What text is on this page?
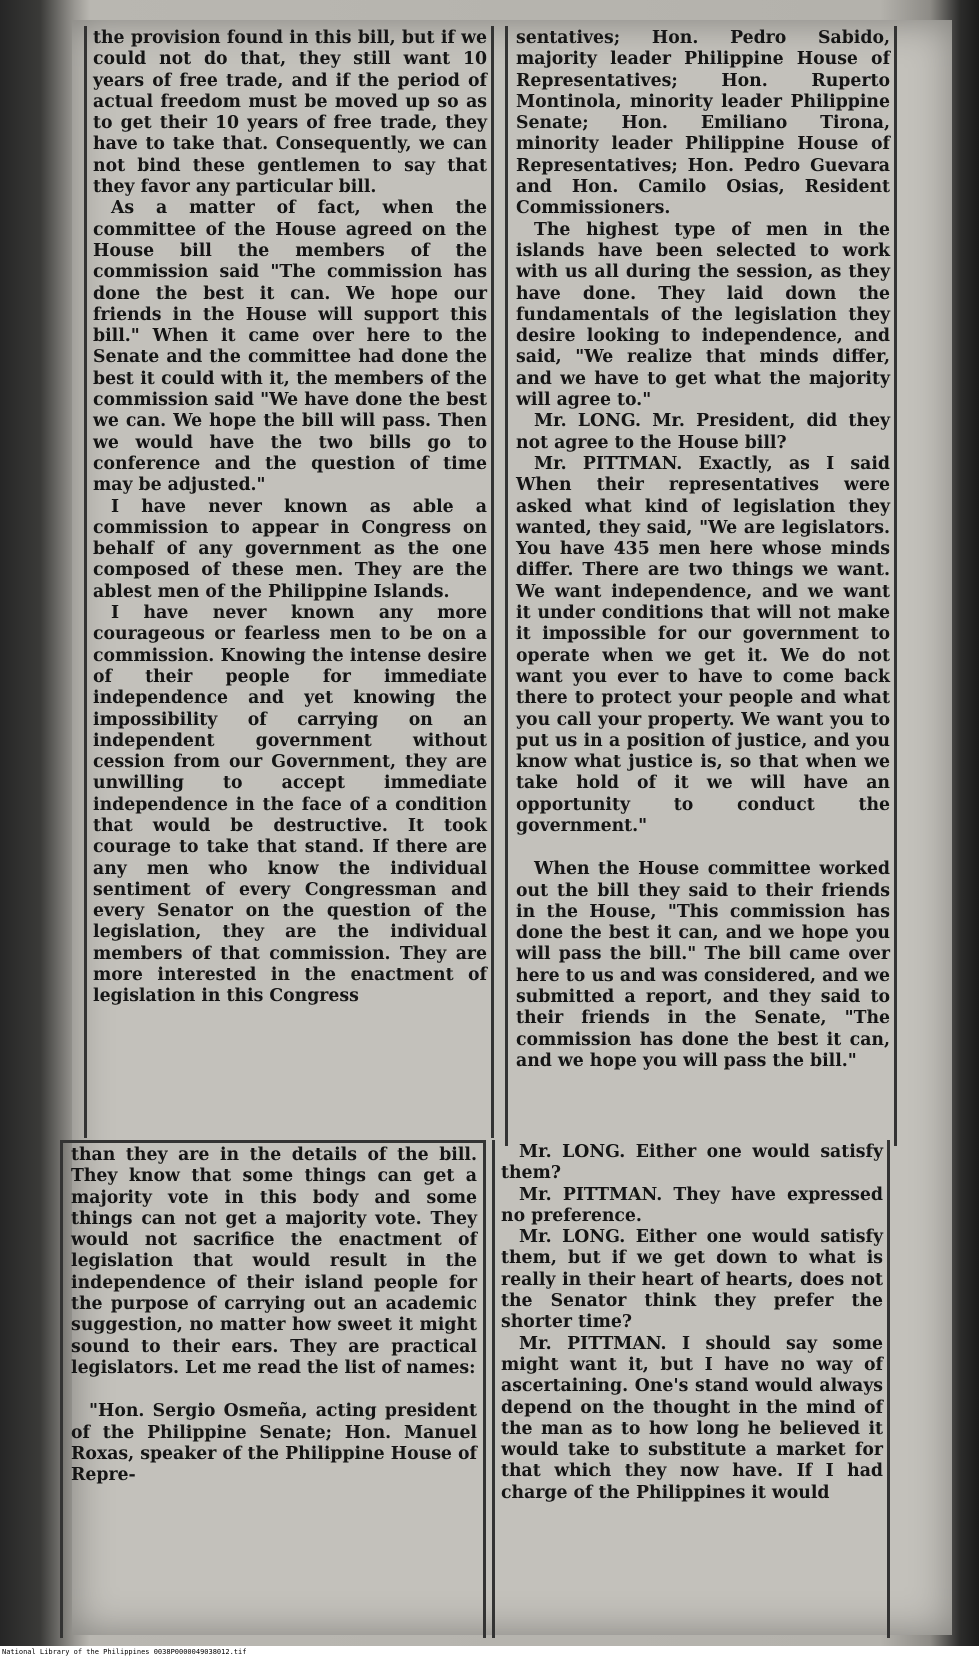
the provision found in this bill, but if we could not do that, they still want 10 years of free trade, and if the period of actual freedom must be moved up so as to get their 10 years of free trade, they have to take that. Consequently, we can not bind these gentlemen to say that they favor any particular bill.

As a matter of fact, when the committee of the House agreed on the House bill the members of the commission said "The commission has done the best it can. We hope our friends in the House will support this bill." When it came over here to the Senate and the committee had done the best it could with it, the members of the commission said "We have done the best we can. We hope the bill will pass. Then we would have the two bills go to conference and the question of time may be adjusted."

I have never known as able a commission to appear in Congress on behalf of any government as the one composed of these men. They are the ablest men of the Philippine Islands.

I have never known any more courageous or fearless men to be on a commission. Knowing the intense desire of their people for immediate independence and yet knowing the impossibility of carrying on an independent government without cession from our Government, they are unwilling to accept immediate independence in the face of a condition that would be destructive. It took courage to take that stand. If there are any men who know the individual sentiment of every Congressman and every Senator on the question of the legislation, they are the individual members of that commission. They are more interested in the enactment of legislation in this Congress

than they are in the details of the bill. They know that some things can get a majority vote in this body and some things can not get a majority vote. They would not sacrifice the enactment of legislation that would result in the independence of their island people for the purpose of carrying out an academic suggestion, no matter how sweet it might sound to their ears. They are practical legislators. Let me read the list of names:

"Hon. Sergio Osmeña, acting president of the Philippine Senate; Hon. Manuel Roxas, speaker of the Philippine House of Repre-

sentatives; Hon. Pedro Sabido, majority leader Philippine House of Representatives; Hon. Ruperto Montinola, minority leader Philippine Senate; Hon. Emiliano Tirona, minority leader Philippine House of Representatives; Hon. Pedro Guevara and Hon. Camilo Osias, Resident Commissioners.

The highest type of men in the islands have been selected to work with us all during the session, as they have done. They laid down the fundamentals of the legislation they desire looking to independence, and said, "We realize that minds differ, and we have to get what the majority will agree to."

Mr. LONG. Mr. President, did they not agree to the House bill?

Mr. PITTMAN. Exactly, as I said When their representatives were asked what kind of legislation they wanted, they said, "We are legislators. You have 435 men here whose minds differ. There are two things we want. We want independence, and we want it under conditions that will not make it impossible for our government to operate when we get it. We do not want you ever to have to come back there to protect your people and what you call your property. We want you to put us in a position of justice, and you know what justice is, so that when we take hold of it we will have an opportunity to conduct the government."

When the House committee worked out the bill they said to their friends in the House, "This commission has done the best it can, and we hope you will pass the bill." The bill came over here to us and was considered, and we submitted a report, and they said to their friends in the Senate, "The commission has done the best it can, and we hope you will pass the bill."

Mr. LONG. Either one would satisfy them?

Mr. PITTMAN. They have expressed no preference.

Mr. LONG. Either one would satisfy them, but if we get down to what is really in their heart of hearts, does not the Senator think they prefer the shorter time?

Mr. PITTMAN. I should say some might want it, but I have no way of ascertaining. One's stand would always depend on the thought in the mind of the man as to how long he believed it would take to substitute a market for that which they now have. If I had charge of the Philippines it would

National Library of the Philippines 0038P0000049038012.tif
